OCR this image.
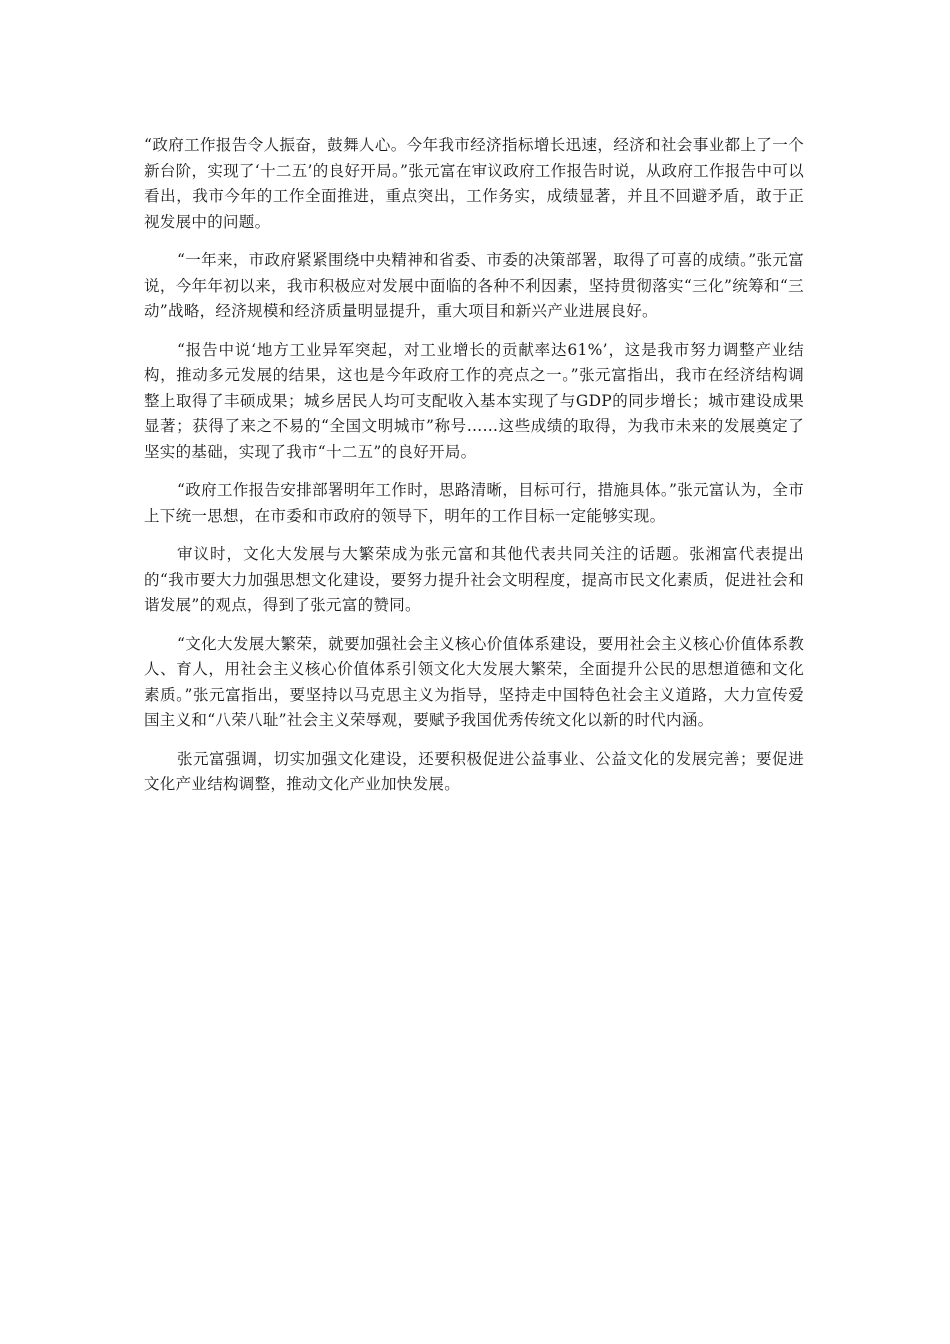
“政府工作报告令人振奋，鼓舞人心。今年我市经济指标增长迅速，经济和社会事业都上了一个新台阶，实现了‘十二五’的良好开局。”张元富在审议政府工作报告时说，从政府工作报告中可以看出，我市今年的工作全面推进，重点突出，工作务实，成绩显著，并且不回避矛盾，敢于正视发展中的问题。

“一年来，市政府紧紧围绕中央精神和省委、市委的决策部署，取得了可喜的成绩。”张元富说，今年年初以来，我市积极应对发展中面临的各种不利因素，坚持贯彻落实“三化”统筹和“三动”战略，经济规模和经济质量明显提升，重大项目和新兴产业进展良好。

“报告中说‘地方工业异军突起，对工业增长的贡献率达61%’，这是我市努力调整产业结构，推动多元发展的结果，这也是今年政府工作的亮点之一。”张元富指出，我市在经济结构调整上取得了丰硕成果；城乡居民人均可支配收入基本实现了与GDP的同步增长；城市建设成果显著；获得了来之不易的“全国文明城市”称号……这些成绩的取得，为我市未来的发展奠定了坚实的基础，实现了我市“十二五”的良好开局。

“政府工作报告安排部署明年工作时，思路清晰，目标可行，措施具体。”张元富认为，全市上下统一思想，在市委和市政府的领导下，明年的工作目标一定能够实现。

审议时，文化大发展与大繁荣成为张元富和其他代表共同关注的话题。张湘富代表提出的“我市要大力加强思想文化建设，要努力提升社会文明程度，提高市民文化素质，促进社会和谐发展”的观点，得到了张元富的赞同。

“文化大发展大繁荣，就要加强社会主义核心价值体系建设，要用社会主义核心价值体系教人、育人，用社会主义核心价值体系引领文化大发展大繁荣，全面提升公民的思想道德和文化素质。”张元富指出，要坚持以马克思主义为指导，坚持走中国特色社会主义道路，大力宣传爱国主义和“八荣八耻”社会主义荣辱观，要赋予我国优秀传统文化以新的时代内涵。

张元富强调，切实加强文化建设，还要积极促进公益事业、公益文化的发展完善；要促进文化产业结构调整，推动文化产业加快发展。
